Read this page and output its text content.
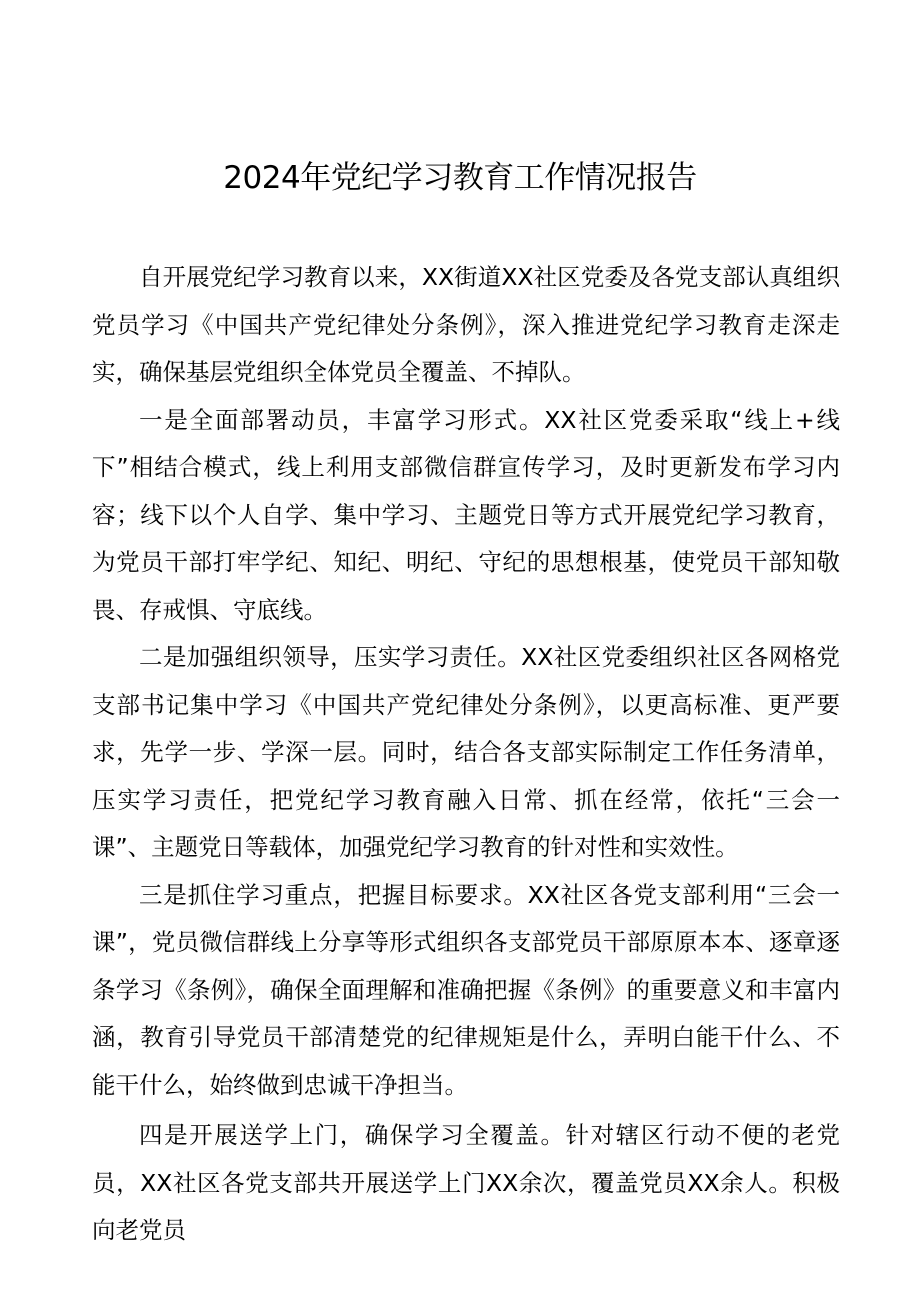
2024年党纪学习教育工作情况报告

自开展党纪学习教育以来，XX街道XX社区党委及各党支部认真组织党员学习《中国共产党纪律处分条例》，深入推进党纪学习教育走深走实，确保基层党组织全体党员全覆盖、不掉队。

一是全面部署动员，丰富学习形式。XX社区党委采取“线上+线下”相结合模式，线上利用支部微信群宣传学习，及时更新发布学习内容；线下以个人自学、集中学习、主题党日等方式开展党纪学习教育，为党员干部打牢学纪、知纪、明纪、守纪的思想根基，使党员干部知敬畏、存戒惧、守底线。

二是加强组织领导，压实学习责任。XX社区党委组织社区各网格党支部书记集中学习《中国共产党纪律处分条例》，以更高标准、更严要求，先学一步、学深一层。同时，结合各支部实际制定工作任务清单，压实学习责任，把党纪学习教育融入日常、抓在经常，依托“三会一课”、主题党日等载体，加强党纪学习教育的针对性和实效性。

三是抓住学习重点，把握目标要求。XX社区各党支部利用“三会一课”，党员微信群线上分享等形式组织各支部党员干部原原本本、逐章逐条学习《条例》，确保全面理解和准确把握《条例》的重要意义和丰富内涵，教育引导党员干部清楚党的纪律规矩是什么，弄明白能干什么、不能干什么，始终做到忠诚干净担当。

四是开展送学上门，确保学习全覆盖。针对辖区行动不便的老党员，XX社区各党支部共开展送学上门XX余次，覆盖党员XX余人。积极向老党员
